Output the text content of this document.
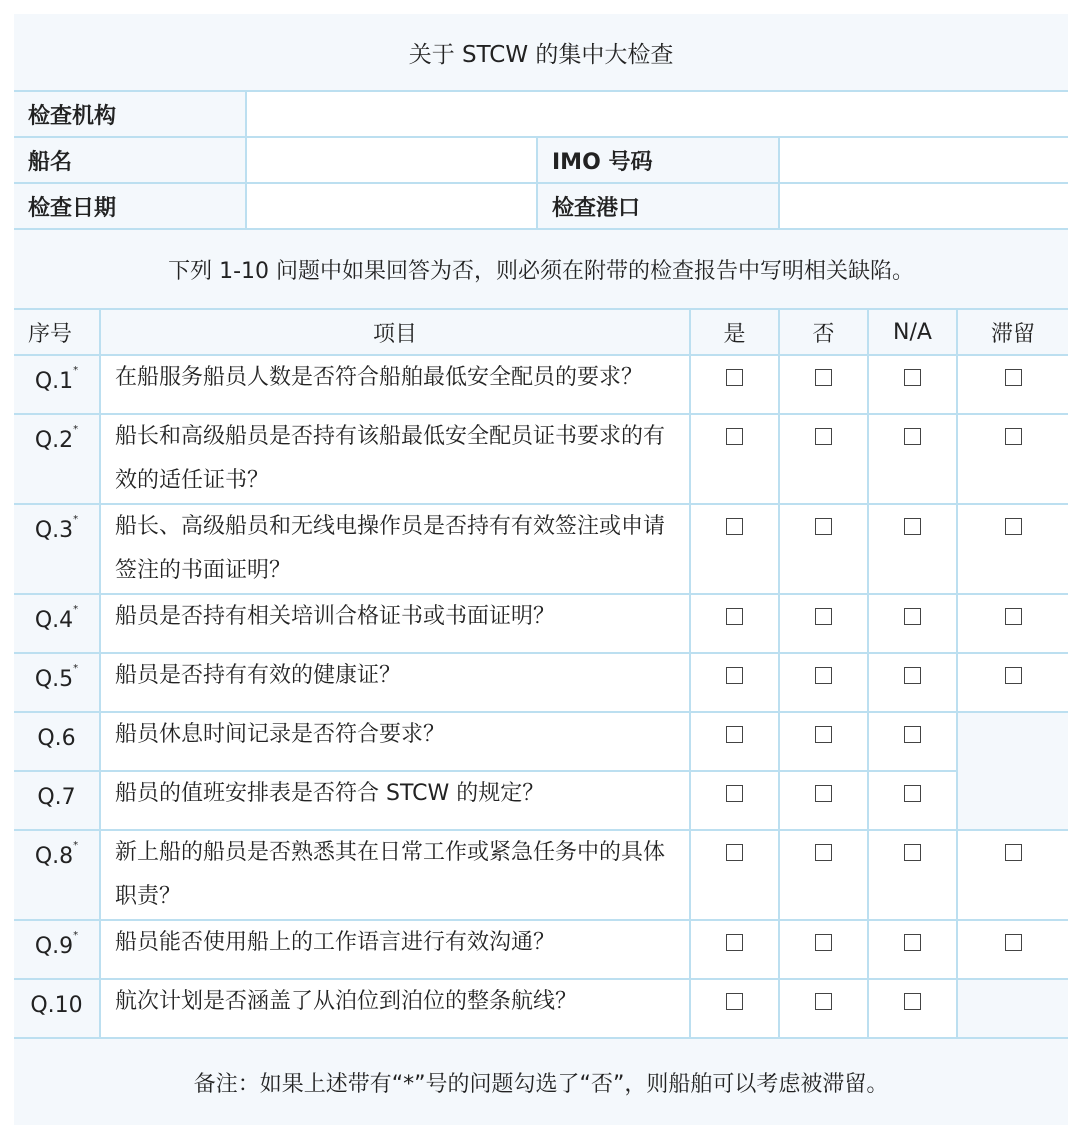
关于 STCW 的集中大检查							
检查机构							
船名			IMO 号码				
检查日期			检查港口				
下列 1-10 问题中如果回答为否，则必须在附带的检查报告中写明相关缺陷。							
序号	项目			是	否	N/A	滞留
Q.1*	在船服务船员人数是否符合船舶最低安全配员的要求？						
Q.2*	船长和高级船员是否持有该船最低安全配员证书要求的有效的适任证书？						
Q.3*	船长、高级船员和无线电操作员是否持有有效签注或申请签注的书面证明？						
Q.4*	船员是否持有相关培训合格证书或书面证明？						
Q.5*	船员是否持有有效的健康证？						
Q.6	船员休息时间记录是否符合要求？						
Q.7	船员的值班安排表是否符合 STCW 的规定？						
Q.8*	新上船的船员是否熟悉其在日常工作或紧急任务中的具体职责？						
Q.9*	船员能否使用船上的工作语言进行有效沟通？						
Q.10	航次计划是否涵盖了从泊位到泊位的整条航线？						
备注：如果上述带有“*”号的问题勾选了“否”，则船舶可以考虑被滞留。							
